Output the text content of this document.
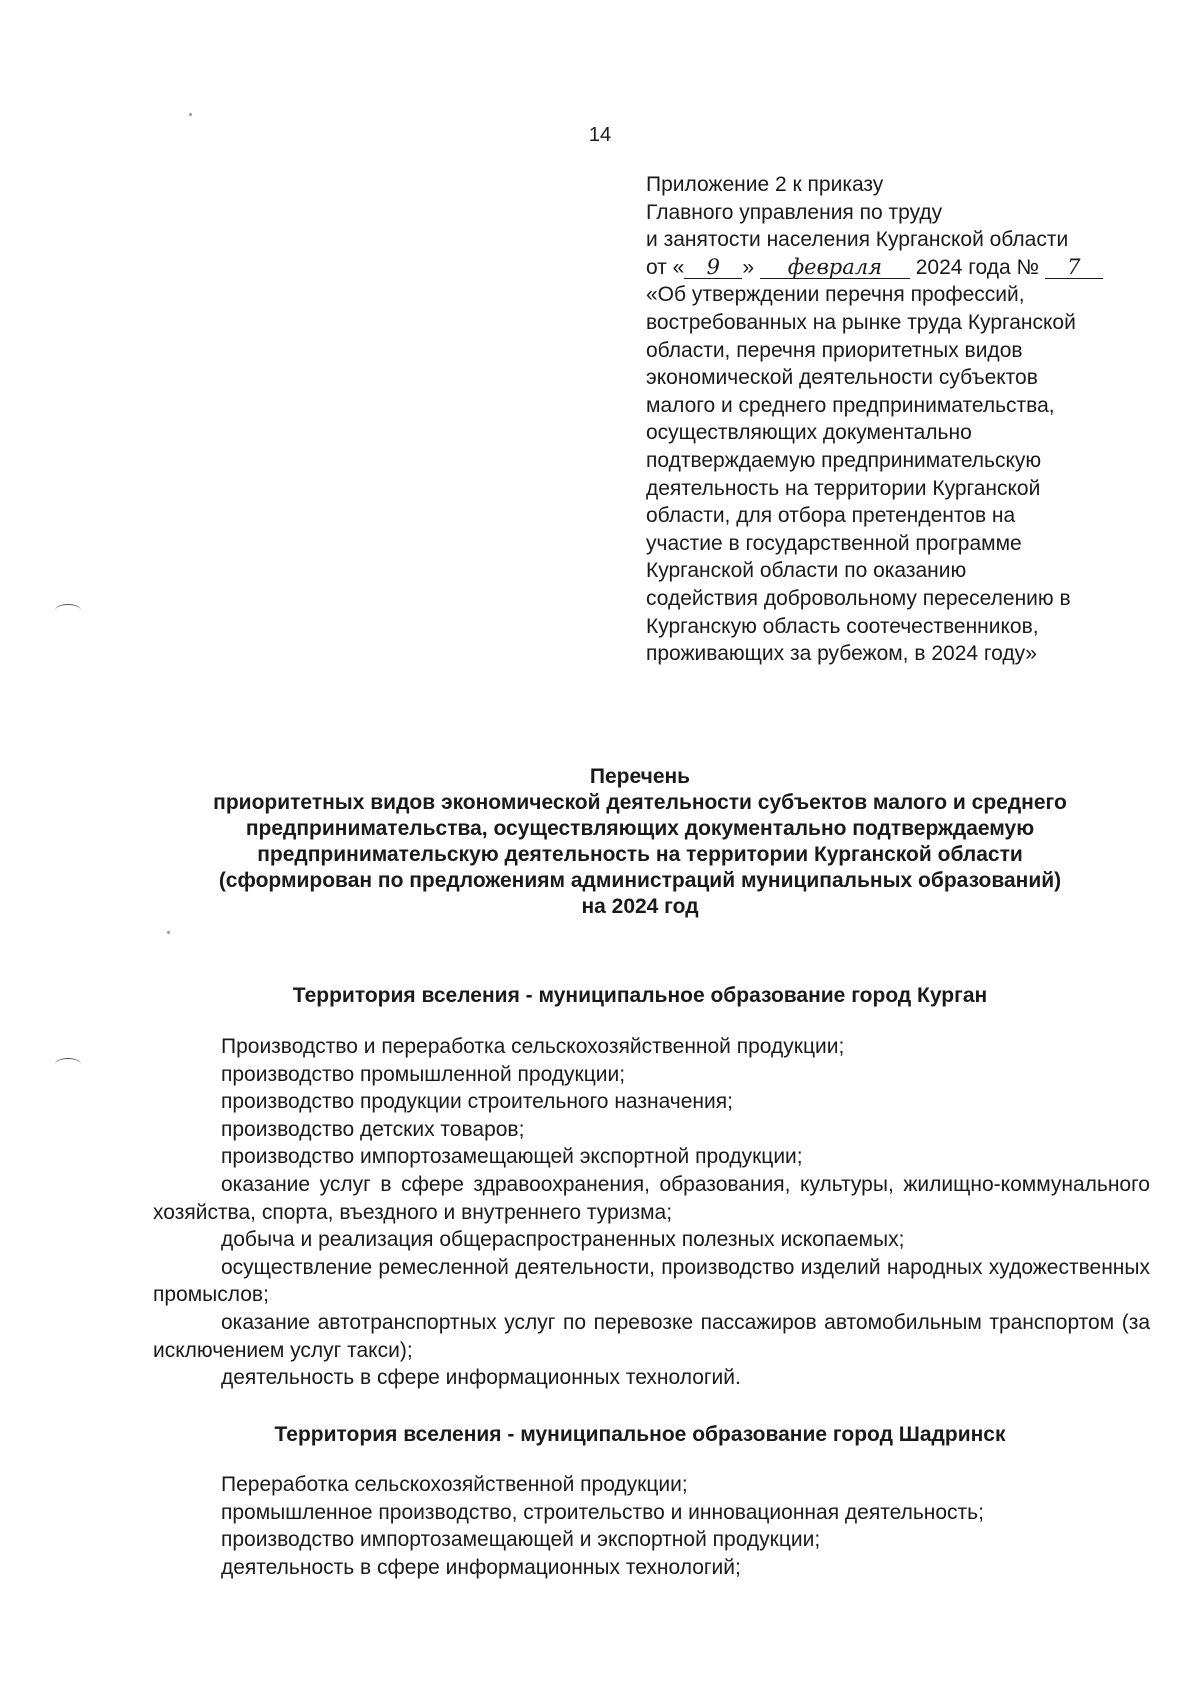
14
Приложение 2 к приказу
Главного управления по труду
и занятости населения Курганской области
от « 9 » февраля 2024 года № 7
«Об утверждении перечня профессий,
востребованных на рынке труда Курганской
области, перечня приоритетных видов
экономической деятельности субъектов
малого и среднего предпринимательства,
осуществляющих документально
подтверждаемую предпринимательскую
деятельность на территории Курганской
области, для отбора претендентов на
участие в государственной программе
Курганской области по оказанию
содействия добровольному переселению в
Курганскую область соотечественников,
проживающих за рубежом, в 2024 году»
Перечень
приоритетных видов экономической деятельности субъектов малого и среднего
предпринимательства, осуществляющих документально подтверждаемую
предпринимательскую деятельность на территории Курганской области
(сформирован по предложениям администраций муниципальных образований)
на 2024 год
Территория вселения - муниципальное образование город Курган
Производство и переработка сельскохозяйственной продукции;
производство промышленной продукции;
производство продукции строительного назначения;
производство детских товаров;
производство импортозамещающей экспортной продукции;
оказание услуг в сфере здравоохранения, образования, культуры, жилищно-коммунального хозяйства, спорта, въездного и внутреннего туризма;
добыча и реализация общераспространенных полезных ископаемых;
осуществление ремесленной деятельности, производство изделий народных художественных промыслов;
оказание автотранспортных услуг по перевозке пассажиров автомобильным транспортом (за исключением услуг такси);
деятельность в сфере информационных технологий.
Территория вселения - муниципальное образование город Шадринск
Переработка сельскохозяйственной продукции;
промышленное производство, строительство и инновационная деятельность;
производство импортозамещающей и экспортной продукции;
деятельность в сфере информационных технологий;
